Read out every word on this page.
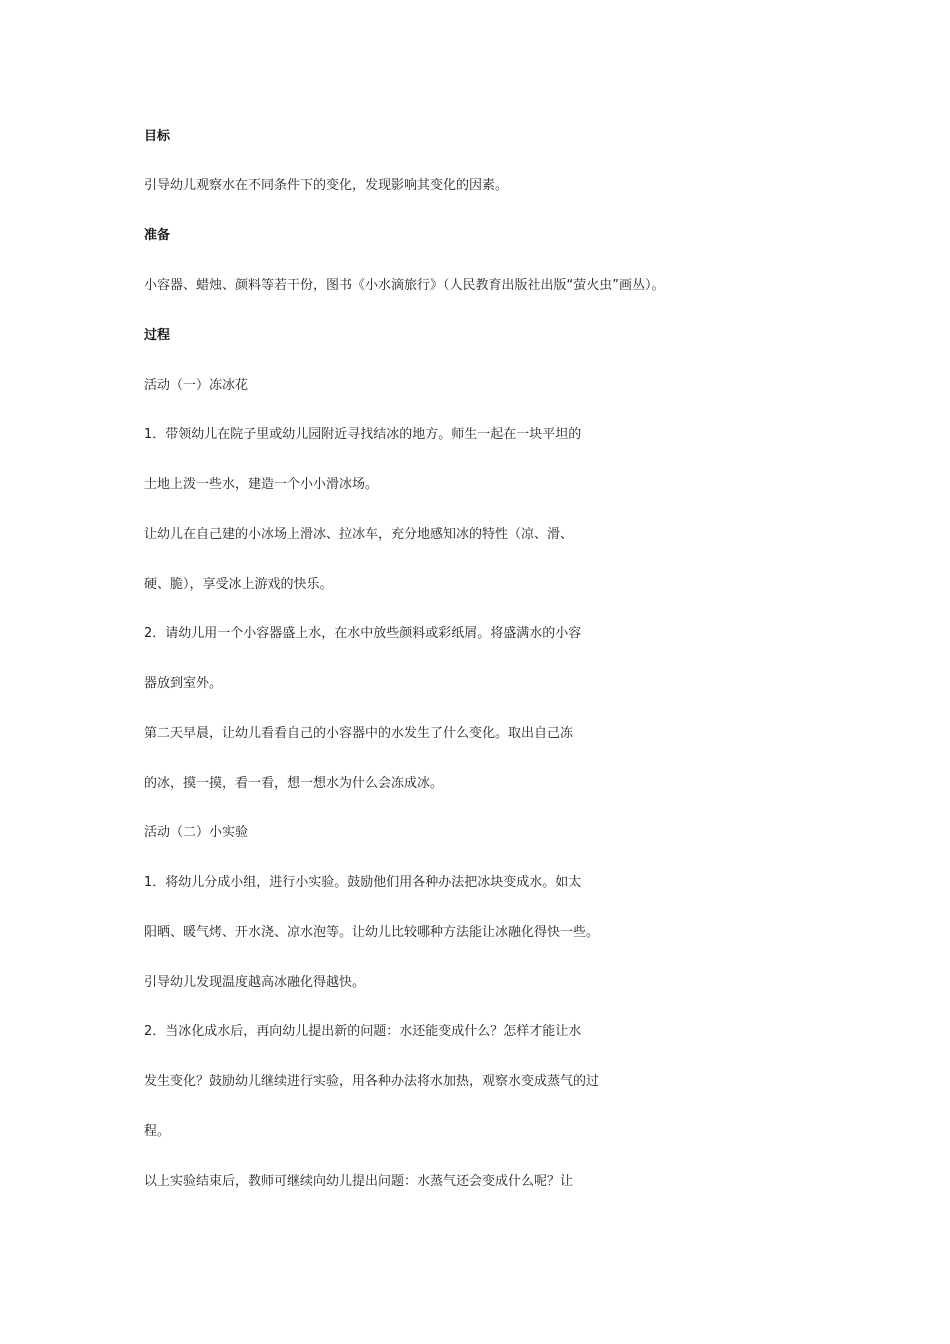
目标
引导幼儿观察水在不同条件下的变化，发现影响其变化的因素。
准备
小容器、蜡烛、颜料等若干份，图书《小水滴旅行》（人民教育出版社出版“萤火虫”画丛）。
过程
活动（一）冻冰花
1．带领幼儿在院子里或幼儿园附近寻找结冰的地方。师生一起在一块平坦的
土地上泼一些水，建造一个小小滑冰场。
让幼儿在自己建的小冰场上滑冰、拉冰车，充分地感知冰的特性（凉、滑、
硬、脆），享受冰上游戏的快乐。
2．请幼儿用一个小容器盛上水，在水中放些颜料或彩纸屑。将盛满水的小容
器放到室外。
第二天早晨，让幼儿看看自己的小容器中的水发生了什么变化。取出自己冻
的冰，摸一摸，看一看，想一想水为什么会冻成冰。
活动（二）小实验
1．将幼儿分成小组，进行小实验。鼓励他们用各种办法把冰块变成水。如太
阳晒、暖气烤、开水浇、凉水泡等。让幼儿比较哪种方法能让冰融化得快一些。
引导幼儿发现温度越高冰融化得越快。
2．当冰化成水后，再向幼儿提出新的问题：水还能变成什么？怎样才能让水
发生变化？鼓励幼儿继续进行实验，用各种办法将水加热，观察水变成蒸气的过
程。
以上实验结束后，教师可继续向幼儿提出问题：水蒸气还会变成什么呢？让
